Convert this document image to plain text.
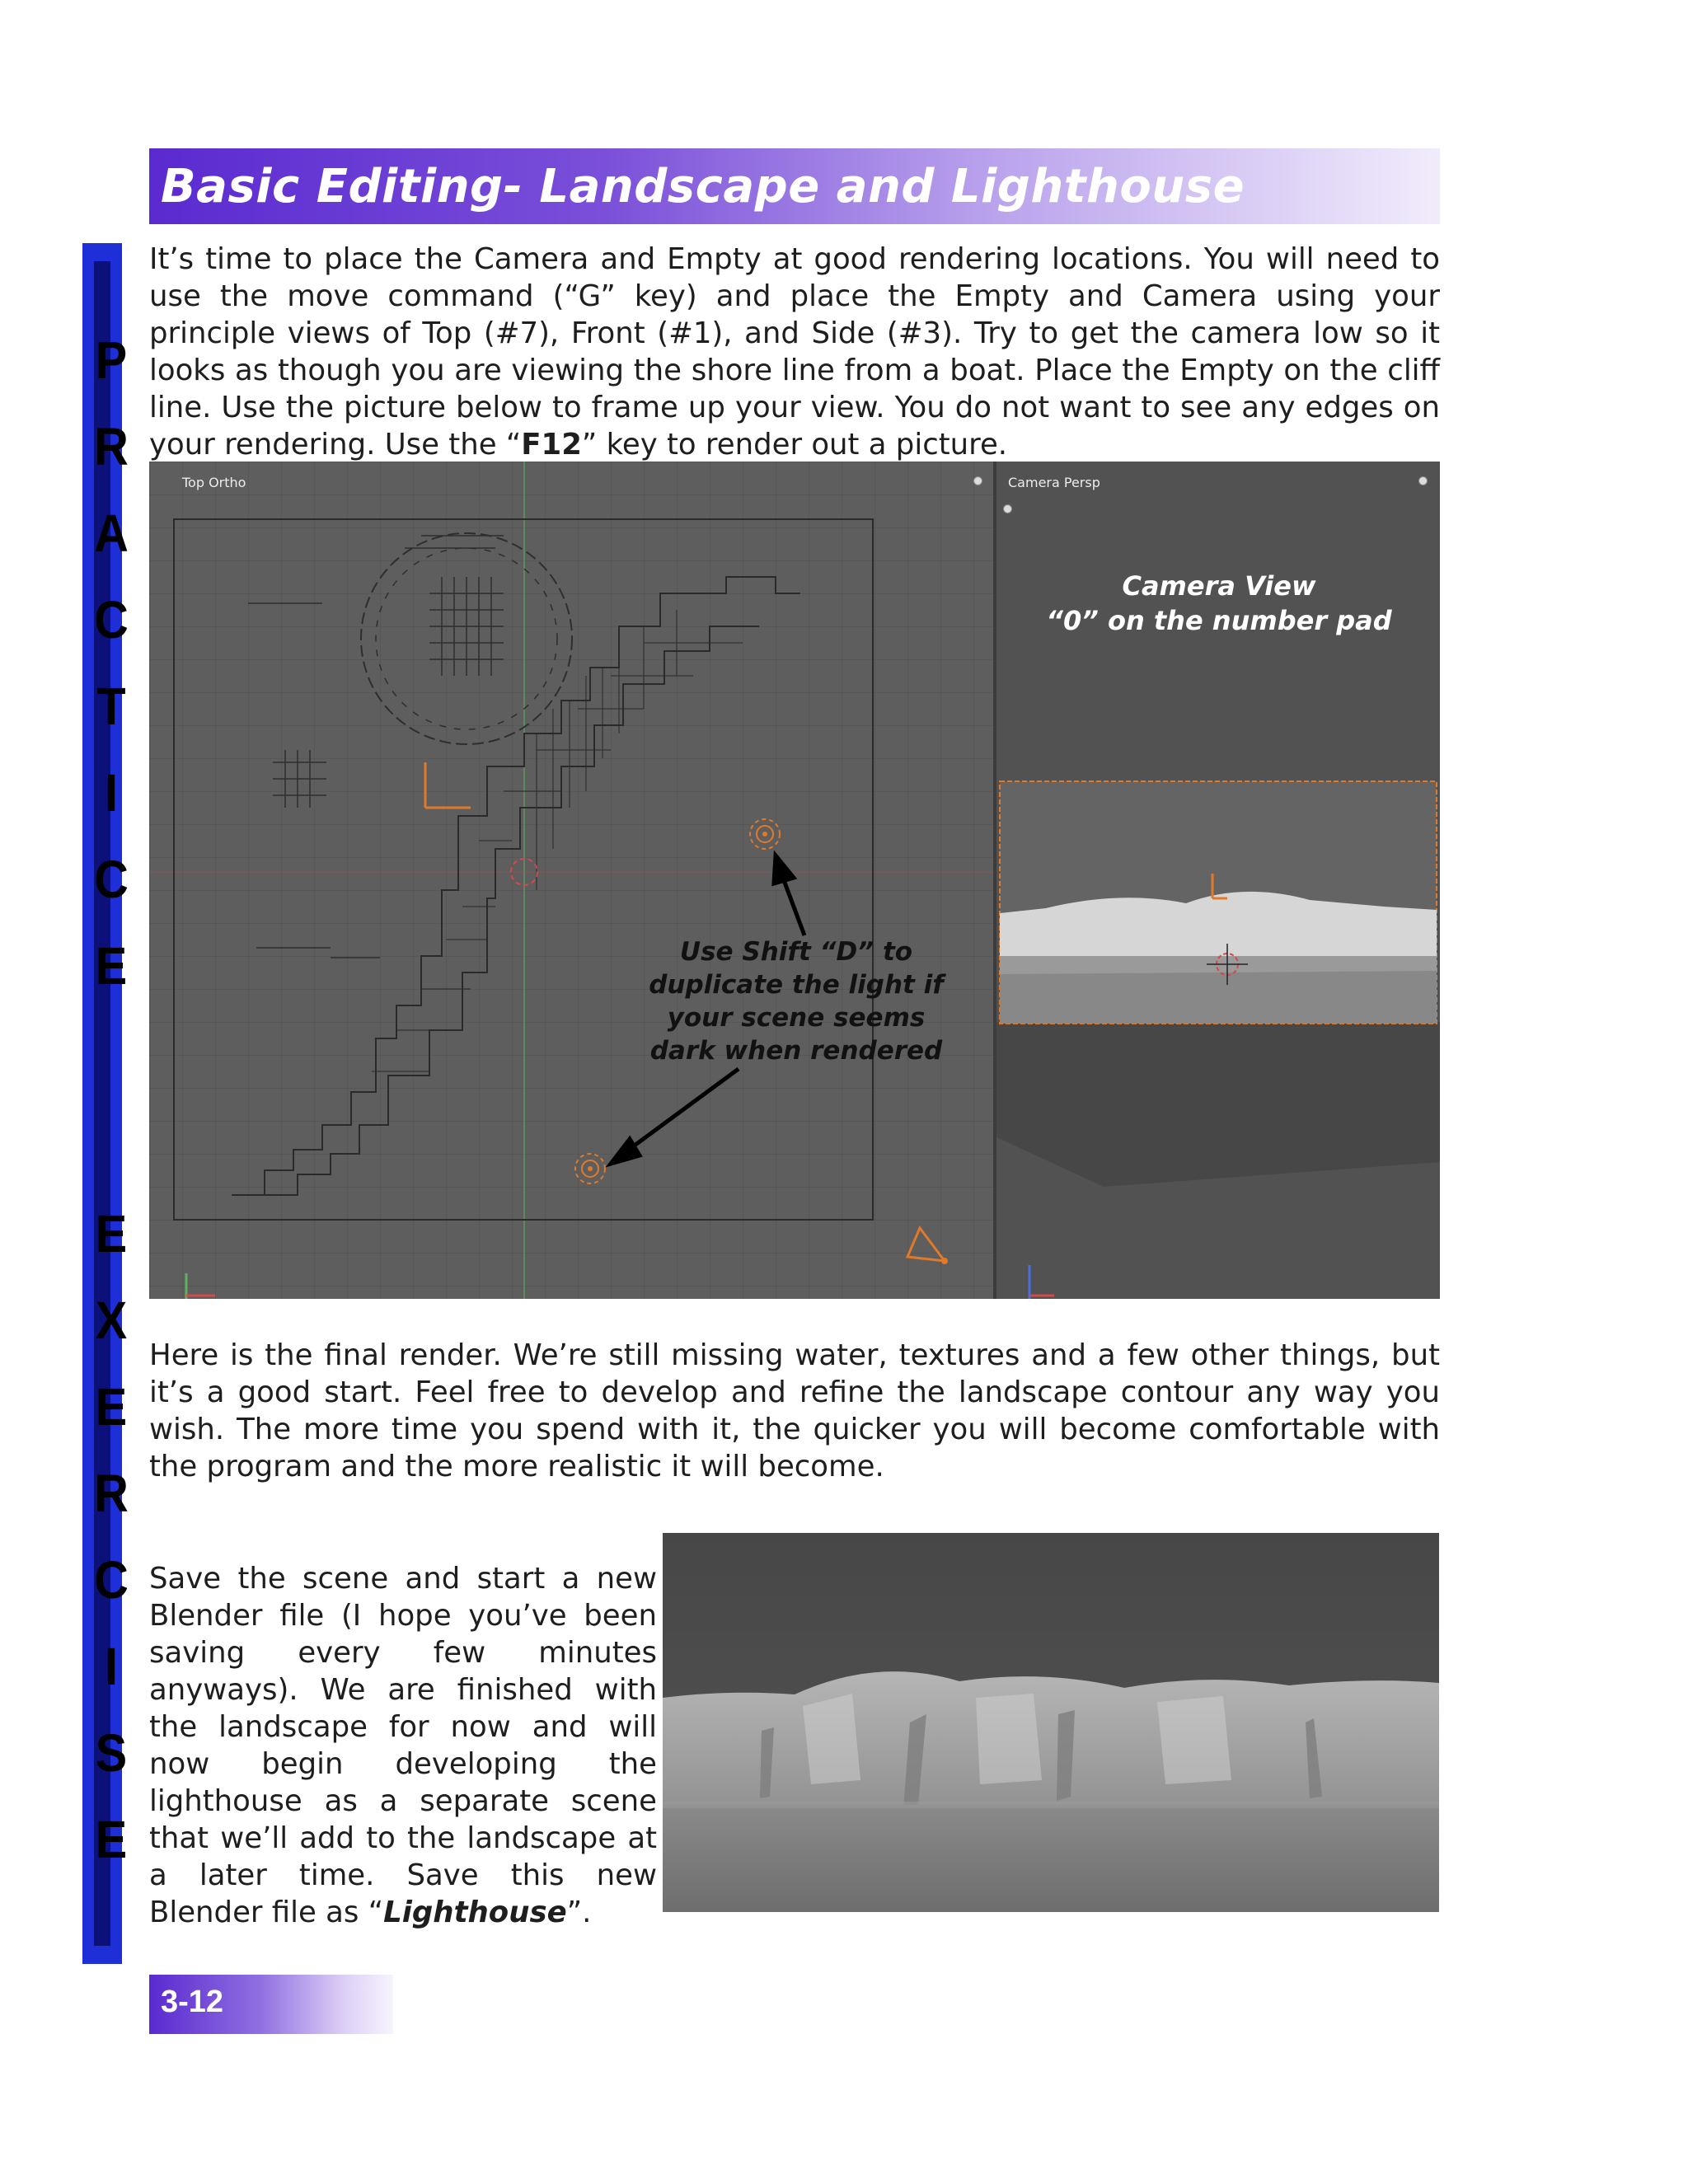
Basic Editing- Landscape and Lighthouse
P
R
A
C
T
I
C
E
E
X
E
R
C
I
S
E
It’s time to place the Camera and Empty at good rendering locations. You will need to use the move command (“G” key) and place the Empty and Camera using your principle views of Top (#7), Front (#1), and Side (#3). Try to get the camera low so it looks as though you are viewing the shore line from a boat. Place the Empty on the cliff line. Use the picture below to frame up your view. You do not want to see any edges on your rendering. Use the “F12” key to render out a picture.
Top Ortho
Use Shift “D” to
duplicate the light if
your scene seems
dark when rendered
Camera Persp
Camera View
“0” on the number pad
Here is the final render. We’re still missing water, textures and a few other things, but it’s a good start. Feel free to develop and refine the landscape contour any way you wish. The more time you spend with it, the quicker you will become comfortable with the program and the more realistic it will become.
Save the scene and start a new Blender file (I hope you’ve been saving every few minutes anyways). We are finished with the landscape for now and will now begin developing the lighthouse as a separate scene that we’ll add to the landscape at a later time. Save this new Blender file as “Lighthouse”.
3-12
